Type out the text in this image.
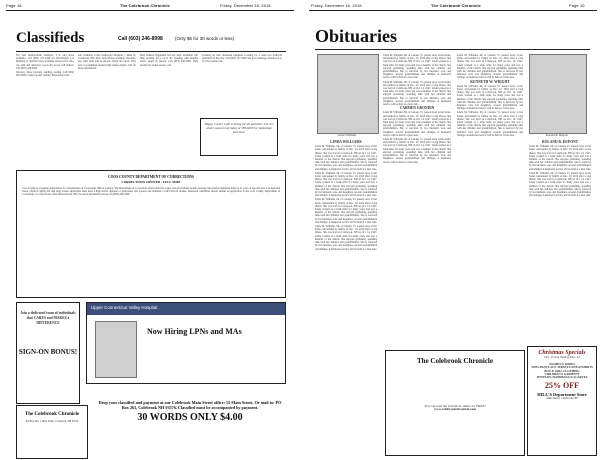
Page 18	The Colebrook Chronicle	Friday, December 16, 2016
Classifieds	Call (603) 246-8998	(Only $6 for 30 words or less)

For Sale. Replacement windows, 3 ft. and doors available. Call (603) 237-4428 for information. Lot Pittsburg to Stratford area, available firewood for sale, cut, split and delivered. Good dry wood, will deliver. Call (603) 246-0000.

Services. Snow plowing, sanding, roofing. Call (802) 962-0000 Colebrook and vicinity. Reasonable rates.

ack, available at the Colebrook Chronicle, 1 Main St, Colebrook, NH, Mon. Store Hours available. Recently, any other item will be shown. Check the fabric. First year of equipment needed right single engine. Call for more information.

Help Wanted. Happened last few days. Available: full time position for a local dry cleaning with flexible hours. Apply in person. Call (603) 246-3000. Help needed for winter season, call.

Looking for rent, interested residents. Looking for a clean two bedroom apartment in the area. Call (603) 237-5000 and leave message. Thank you to all who reached out.

Happy Corner Café is hiring for all positions. For the winter season call today at 538-6000 for immediate interview.
COOS COUNTY DEPARTMENT OF CORRECTIONS
CORRECTIONS OFFICER - FULL TIME
Coos County is accepting applications for a Department of Corrections Officer position. The Department of Corrections offers attractive wages and an excellent benefit package. Successful candidates must be 21 years of age and pass a background check, physical agility test and drug screen. Applicants must have a high school diploma or equivalent, and possess and maintain a valid driver's license. Interested candidates should submit an application to the Coos County Department of Corrections, 5 Cooley Road, West Stewartstown, NH. For more information please call (603) 246-3300.
Join a dedicated team of individuals that CARES and MAKES a DIFFERENCE
SIGN-ON BONUS!
Upper Connecticut Valley Hospital
Now Hiring LPNs and MAs
The Colebrook Chronicle
PO Box 263, 1 Main Street, Colebrook, NH 03576
Drop your classified and payment at our Colebrook Main Street office: 15 Main Street, Or mail to: PO Box 263, Colebrook NH 03576. Classified must be accompanied by payment.
30 WORDS ONLY $4.00
Friday, December 16, 2016	The Colebrook Chronicle	Page 19
Obituaries
Linda Williams
LINDA WILLIAMS

Linda M. Williams, 69, of Canaan, Vt. passed away at her home, surrounded by family on Dec. 10, 2016 after a long illness. She was born in Colebrook, NH on Oct. 14, 1947. Linda worked as a bank teller for many years and was a member of the church. She enjoyed gardening, spending time with her children and grandchildren. She is survived by her husband, sons and daughters, several grandchildren and siblings. A memorial service will be held at a later date.

Linda M. Williams, 69, of Canaan, Vt. passed away at her home, surrounded by family on Dec. 10, 2016 after a long illness. She was born in Colebrook, NH on Oct. 14, 1947. Linda worked as a bank teller for many years and was a member of the church. She enjoyed gardening, spending time with her children and grandchildren. She is survived by her husband, sons and daughters, several grandchildren and siblings. A memorial service will be held at a later date.

Linda M. Williams, 69, of Canaan, Vt. passed away at her home, surrounded by family on Dec. 10, 2016 after a long illness. She was born in Colebrook, NH on Oct. 14, 1947. Linda worked as a bank teller for many years and was a member of the church. She enjoyed gardening, spending time with her children and grandchildren. She is survived by her husband, sons and daughters, several grandchildren and siblings. A memorial service will be held at a later date.

Linda M. Williams, 69, of Canaan, Vt. passed away at her home, surrounded by family on Dec. 10, 2016 after a long illness. She was born in Colebrook, NH on Oct. 14, 1947. Linda worked as a bank teller for many years and was a member of the church. She enjoyed gardening, spending time with her children and grandchildren. She is survived by her husband, sons and daughters, several grandchildren and siblings. A memorial service will be held at a later date.

Linda M. Williams, 69, of Canaan, Vt. passed away at her home, surrounded by family on Dec. 10, 2016 after a long illness. She was born in Colebrook, NH on Oct. 14, 1947. Linda worked as a bank teller for many years and was a member of the church. She enjoyed gardening, spending time with her children and grandchildren. She is survived by her husband, sons and daughters, several grandchildren and siblings. A memorial service will be held at a later date.

Linda M. Williams, 69, of Canaan, Vt. passed away at her home, surrounded by family on Dec. 10, 2016 after a long illness. She was born in Colebrook, NH on Oct. 14, 1947. Linda worked as a bank teller for many years and was a member of the church. She enjoyed gardening, spending time with her children and grandchildren. She is survived by her husband, sons and daughters, several grandchildren and siblings. A memorial service will be held at a later date.

CARMEN GRONDIN

Linda M. Williams, 69, of Canaan, Vt. passed away at her home, surrounded by family on Dec. 10, 2016 after a long illness. She was born in Colebrook, NH on Oct. 14, 1947. Linda worked as a bank teller for many years and was a member of the church. She enjoyed gardening, spending time with her children and grandchildren. She is survived by her husband, sons and daughters, several grandchildren and siblings. A memorial service will be held at a later date.

Linda M. Williams, 69, of Canaan, Vt. passed away at her home, surrounded by family on Dec. 10, 2016 after a long illness. She was born in Colebrook, NH on Oct. 14, 1947. Linda worked as a bank teller for many years and was a member of the church. She enjoyed gardening, spending time with her children and grandchildren. She is survived by her husband, sons and daughters, several grandchildren and siblings. A memorial service will be held at a later date.

Linda M. Williams, 69, of Canaan, Vt. passed away at her home, surrounded by family on Dec. 10, 2016 after a long illness. She was born in Colebrook, NH on Oct. 14, 1947. Linda worked as a bank teller for many years and was a member of the church. She enjoyed gardening, spending time with her children and grandchildren. She is survived by her husband, sons and daughters, several grandchildren and siblings. A memorial service will be held at a later date.

KENNETH W. WRIGHT

Linda M. Williams, 69, of Canaan, Vt. passed away at her home, surrounded by family on Dec. 10, 2016 after a long illness. She was born in Colebrook, NH on Oct. 14, 1947. Linda worked as a bank teller for many years and was a member of the church. She enjoyed gardening, spending time with her children and grandchildren. She is survived by her husband, sons and daughters, several grandchildren and siblings. A memorial service will be held at a later date.

Linda M. Williams, 69, of Canaan, Vt. passed away at her home, surrounded by family on Dec. 10, 2016 after a long illness. She was born in Colebrook, NH on Oct. 14, 1947. Linda worked as a bank teller for many years and was a member of the church. She enjoyed gardening, spending time with her children and grandchildren. She is survived by her husband, sons and daughters, several grandchildren and siblings. A memorial service will be held at a later date.	Roland R. Dupont
ROLAND R. DUPONT

Linda M. Williams, 69, of Canaan, Vt. passed away at her home, surrounded by family on Dec. 10, 2016 after a long illness. She was born in Colebrook, NH on Oct. 14, 1947. Linda worked as a bank teller for many years and was a member of the church. She enjoyed gardening, spending time with her children and grandchildren. She is survived by her husband, sons and daughters, several grandchildren and siblings. A memorial service will be held at a later date.

Linda M. Williams, 69, of Canaan, Vt. passed away at her home, surrounded by family on Dec. 10, 2016 after a long illness. She was born in Colebrook, NH on Oct. 14, 1947. Linda worked as a bank teller for many years and was a member of the church. She enjoyed gardening, spending time with her children and grandchildren. She is survived by her husband, sons and daughters, several grandchildren and siblings. A memorial service will be held at a later date.

The Colebrook Chronicle
You can read the Chronicle online for FREE!
www.colebrookchronicle.com
Christmas Specials
Dec. 15 thru Sunday, Dec. 24
WOMEN'S ROBES
TOPS-PANTS-SUN JERSEYS-SWEATSHIRTS
BOY & GIRL CLOTHING
CHILDREN'S GARMENT
JEWELRY, HANDBAGS & SCARVES
25% OFF
HILL'S Department Store
Main Street, Colebrook NH
